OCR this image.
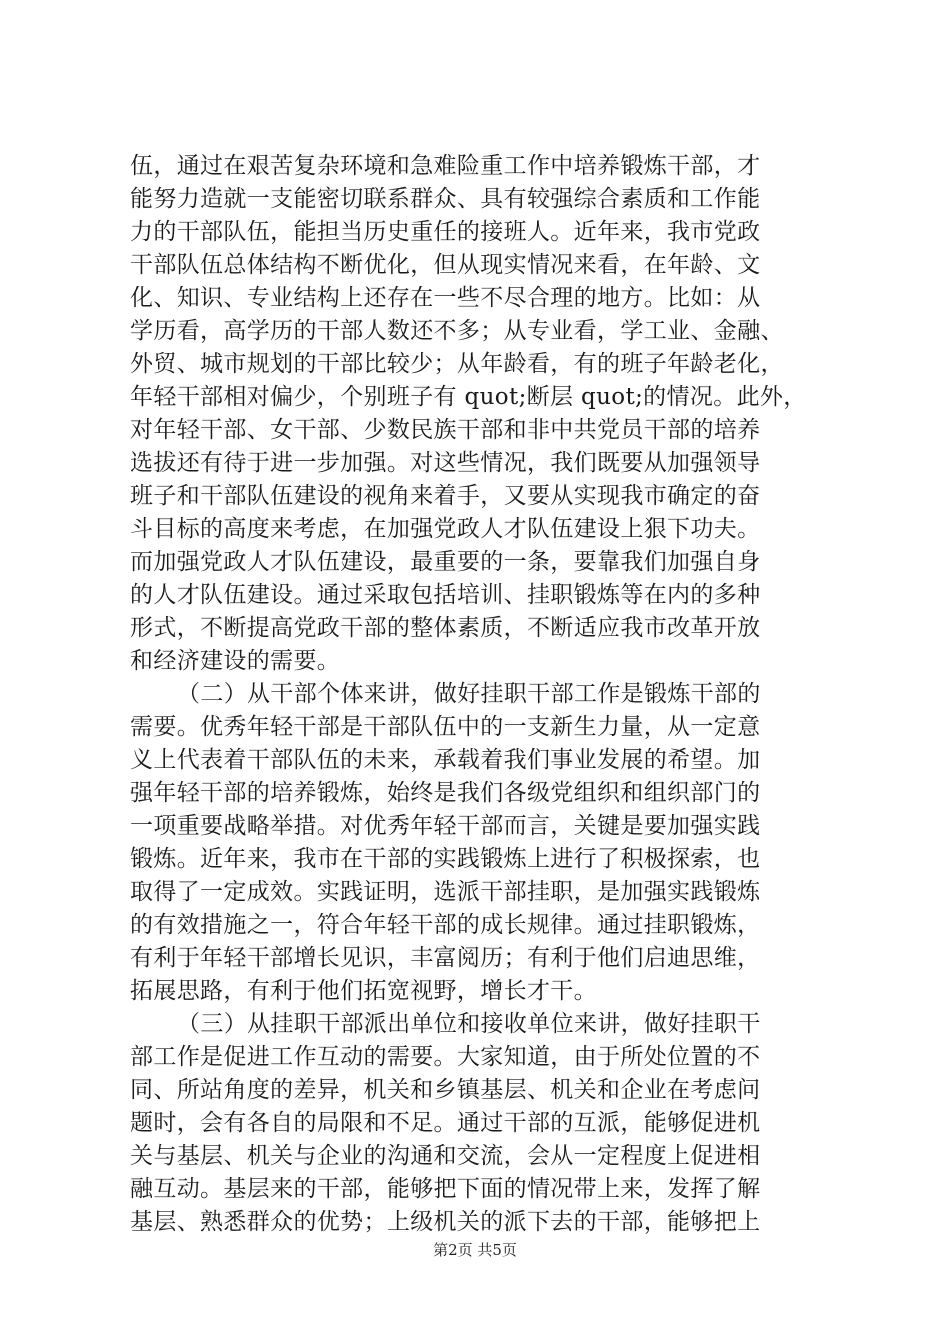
伍，通过在艰苦复杂环境和急难险重工作中培养锻炼干部，才
能努力造就一支能密切联系群众、具有较强综合素质和工作能
力的干部队伍，能担当历史重任的接班人。近年来，我市党政
干部队伍总体结构不断优化，但从现实情况来看，在年龄、文
化、知识、专业结构上还存在一些不尽合理的地方。比如：从
学历看，高学历的干部人数还不多；从专业看，学工业、金融、
外贸、城市规划的干部比较少；从年龄看，有的班子年龄老化，
年轻干部相对偏少，个别班子有 quot;断层 quot;的情况。此外，
对年轻干部、女干部、少数民族干部和非中共党员干部的培养
选拔还有待于进一步加强。对这些情况，我们既要从加强领导
班子和干部队伍建设的视角来着手，又要从实现我市确定的奋
斗目标的高度来考虑，在加强党政人才队伍建设上狠下功夫。
而加强党政人才队伍建设，最重要的一条，要靠我们加强自身
的人才队伍建设。通过采取包括培训、挂职锻炼等在内的多种
形式，不断提高党政干部的整体素质，不断适应我市改革开放
和经济建设的需要。
（二）从干部个体来讲，做好挂职干部工作是锻炼干部的
需要。优秀年轻干部是干部队伍中的一支新生力量，从一定意
义上代表着干部队伍的未来，承载着我们事业发展的希望。加
强年轻干部的培养锻炼，始终是我们各级党组织和组织部门的
一项重要战略举措。对优秀年轻干部而言，关键是要加强实践
锻炼。近年来，我市在干部的实践锻炼上进行了积极探索，也
取得了一定成效。实践证明，选派干部挂职，是加强实践锻炼
的有效措施之一，符合年轻干部的成长规律。通过挂职锻炼，
有利于年轻干部增长见识，丰富阅历；有利于他们启迪思维，
拓展思路，有利于他们拓宽视野，增长才干。
（三）从挂职干部派出单位和接收单位来讲，做好挂职干
部工作是促进工作互动的需要。大家知道，由于所处位置的不
同、所站角度的差异，机关和乡镇基层、机关和企业在考虑问
题时，会有各自的局限和不足。通过干部的互派，能够促进机
关与基层、机关与企业的沟通和交流，会从一定程度上促进相
融互动。基层来的干部，能够把下面的情况带上来，发挥了解
基层、熟悉群众的优势；上级机关的派下去的干部，能够把上
第2页 共5页
